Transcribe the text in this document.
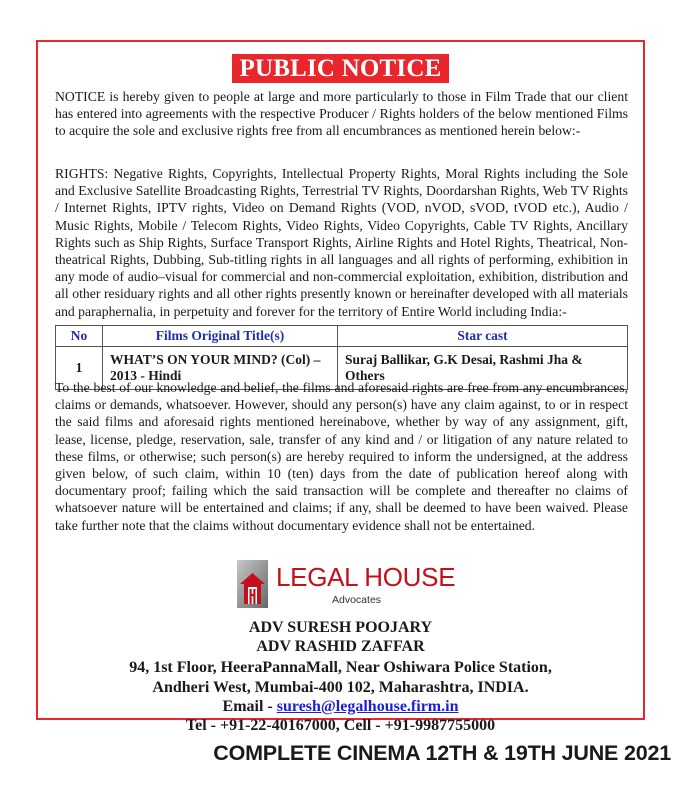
PUBLIC NOTICE

NOTICE is hereby given to people at large and more particularly to those in Film Trade that our client has entered into agreements with the respective Producer / Rights holders of the below mentioned Films to acquire the sole and exclusive rights free from all encumbrances as mentioned herein below:-

RIGHTS: Negative Rights, Copyrights, Intellectual Property Rights, Moral Rights including the Sole and Exclusive Satellite Broadcasting Rights, Terrestrial TV Rights, Doordarshan Rights, Web TV Rights / Internet Rights, IPTV rights, Video on Demand Rights (VOD, nVOD, sVOD, tVOD etc.), Audio / Music Rights, Mobile / Telecom Rights, Video Rights, Video Copyrights, Cable TV Rights, Ancillary Rights such as Ship Rights, Surface Transport Rights, Airline Rights and Hotel Rights, Theatrical, Non-theatrical Rights, Dubbing, Sub-titling rights in all languages and all rights of performing, exhibition in any mode of audio–visual for commercial and non-commercial exploitation, exhibition, distribution and all other residuary rights and all other rights presently known or hereinafter developed with all materials and paraphernalia, in perpetuity and forever for the territory of Entire World including India:-

No	Films Original Title(s)	Star cast
1	WHAT’S ON YOUR MIND? (Col) – 2013 - Hindi	Suraj Ballikar, G.K Desai, Rashmi Jha & Others

To the best of our knowledge and belief, the films and aforesaid rights are free from any encumbrances, claims or demands, whatsoever. However, should any person(s) have any claim against, to or in respect the said films and aforesaid rights mentioned hereinabove, whether by way of any assignment, gift, lease, license, pledge, reservation, sale, transfer of any kind and / or litigation of any nature related to these films, or otherwise; such person(s) are hereby required to inform the undersigned, at the address given below, of such claim, within 10 (ten) days from the date of publication hereof along with documentary proof; failing which the said transaction will be complete and thereafter no claims of whatsoever nature will be entertained and claims; if any, shall be deemed to have been waived. Please take further note that the claims without documentary evidence shall not be entertained.

LEGAL HOUSE
Advocates

ADV SURESH POOJARY

ADV RASHID ZAFFAR

94, 1st Floor, HeeraPannaMall, Near Oshiwara Police Station,

Andheri West, Mumbai-400 102, Maharashtra, INDIA.

Email - suresh@legalhouse.firm.in

Tel - +91-22-40167000, Cell - +91-9987755000

COMPLETE CINEMA 12TH & 19TH JUNE 2021
